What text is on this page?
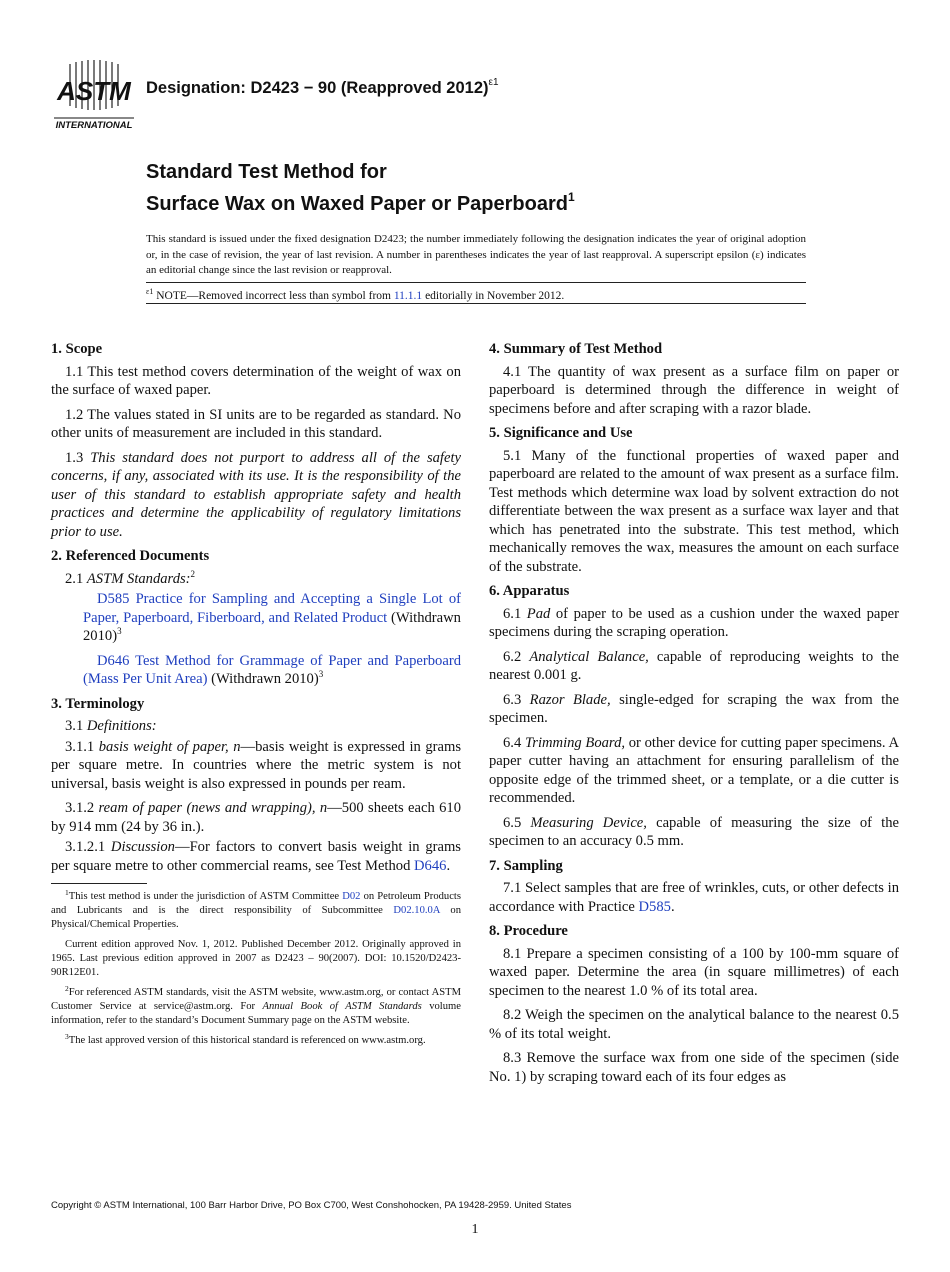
ASTM
INTERNATIONAL
Designation: D2423 − 90 (Reapproved 2012)$^{\varepsilon 1}$
Standard Test Method for
Surface Wax on Waxed Paper or Paperboard$^1$
This standard is issued under the fixed designation D2423; the number immediately following the designation indicates the year of original adoption or, in the case of revision, the year of last revision. A number in parentheses indicates the year of last reapproval. A superscript epsilon (ε) indicates an editorial change since the last revision or reapproval.
$^{\varepsilon 1}$ NOTE—Removed incorrect less than symbol from 11.1.1 editorially in November 2012.
1. Scope

1.1 This test method covers determination of the weight of wax on the surface of waxed paper.

1.2 The values stated in SI units are to be regarded as standard. No other units of measurement are included in this standard.

1.3 This standard does not purport to address all of the safety concerns, if any, associated with its use. It is the responsibility of the user of this standard to establish appropriate safety and health practices and determine the applicability of regulatory limitations prior to use.

2. Referenced Documents

2.1 ASTM Standards:$^2$

D585 Practice for Sampling and Accepting a Single Lot of Paper, Paperboard, Fiberboard, and Related Product (Withdrawn 2010)$^3$

D646 Test Method for Grammage of Paper and Paperboard (Mass Per Unit Area) (Withdrawn 2010)$^3$

3. Terminology

3.1 Definitions:

3.1.1 basis weight of paper, n—basis weight is expressed in grams per square metre. In countries where the metric system is not universal, basis weight is also expressed in pounds per ream.

3.1.2 ream of paper (news and wrapping), n—500 sheets each 610 by 914 mm (24 by 36 in.).

3.1.2.1 Discussion—For factors to convert basis weight in grams per square metre to other commercial reams, see Test Method D646.

$^1$This test method is under the jurisdiction of ASTM Committee D02 on Petroleum Products and Lubricants and is the direct responsibility of Subcommittee D02.10.0A on Physical/Chemical Properties.

Current edition approved Nov. 1, 2012. Published December 2012. Originally approved in 1965. Last previous edition approved in 2007 as D2423 – 90(2007). DOI: 10.1520/D2423-90R12E01.

$^2$For referenced ASTM standards, visit the ASTM website, www.astm.org, or contact ASTM Customer Service at service@astm.org. For Annual Book of ASTM Standards volume information, refer to the standard’s Document Summary page on the ASTM website.

$^3$The last approved version of this historical standard is referenced on www.astm.org.

4. Summary of Test Method

4.1 The quantity of wax present as a surface film on paper or paperboard is determined through the difference in weight of specimens before and after scraping with a razor blade.

5. Significance and Use

5.1 Many of the functional properties of waxed paper and paperboard are related to the amount of wax present as a surface film. Test methods which determine wax load by solvent extraction do not differentiate between the wax present as a surface wax layer and that which has penetrated into the substrate. This test method, which mechanically removes the wax, measures the amount on each surface of the substrate.

6. Apparatus

6.1 Pad of paper to be used as a cushion under the waxed paper specimens during the scraping operation.

6.2 Analytical Balance, capable of reproducing weights to the nearest 0.001 g.

6.3 Razor Blade, single-edged for scraping the wax from the specimen.

6.4 Trimming Board, or other device for cutting paper specimens. A paper cutter having an attachment for ensuring parallelism of the opposite edge of the trimmed sheet, or a template, or a die cutter is recommended.

6.5 Measuring Device, capable of measuring the size of the specimen to an accuracy 0.5 mm.

7. Sampling

7.1 Select samples that are free of wrinkles, cuts, or other defects in accordance with Practice D585.

8. Procedure

8.1 Prepare a specimen consisting of a 100 by 100-mm square of waxed paper. Determine the area (in square millimetres) of each specimen to the nearest 1.0 % of its total area.

8.2 Weigh the specimen on the analytical balance to the nearest 0.5 % of its total weight.

8.3 Remove the surface wax from one side of the specimen (side No. 1) by scraping toward each of its four edges as

Copyright © ASTM International, 100 Barr Harbor Drive, PO Box C700, West Conshohocken, PA 19428-2959. United States
1
